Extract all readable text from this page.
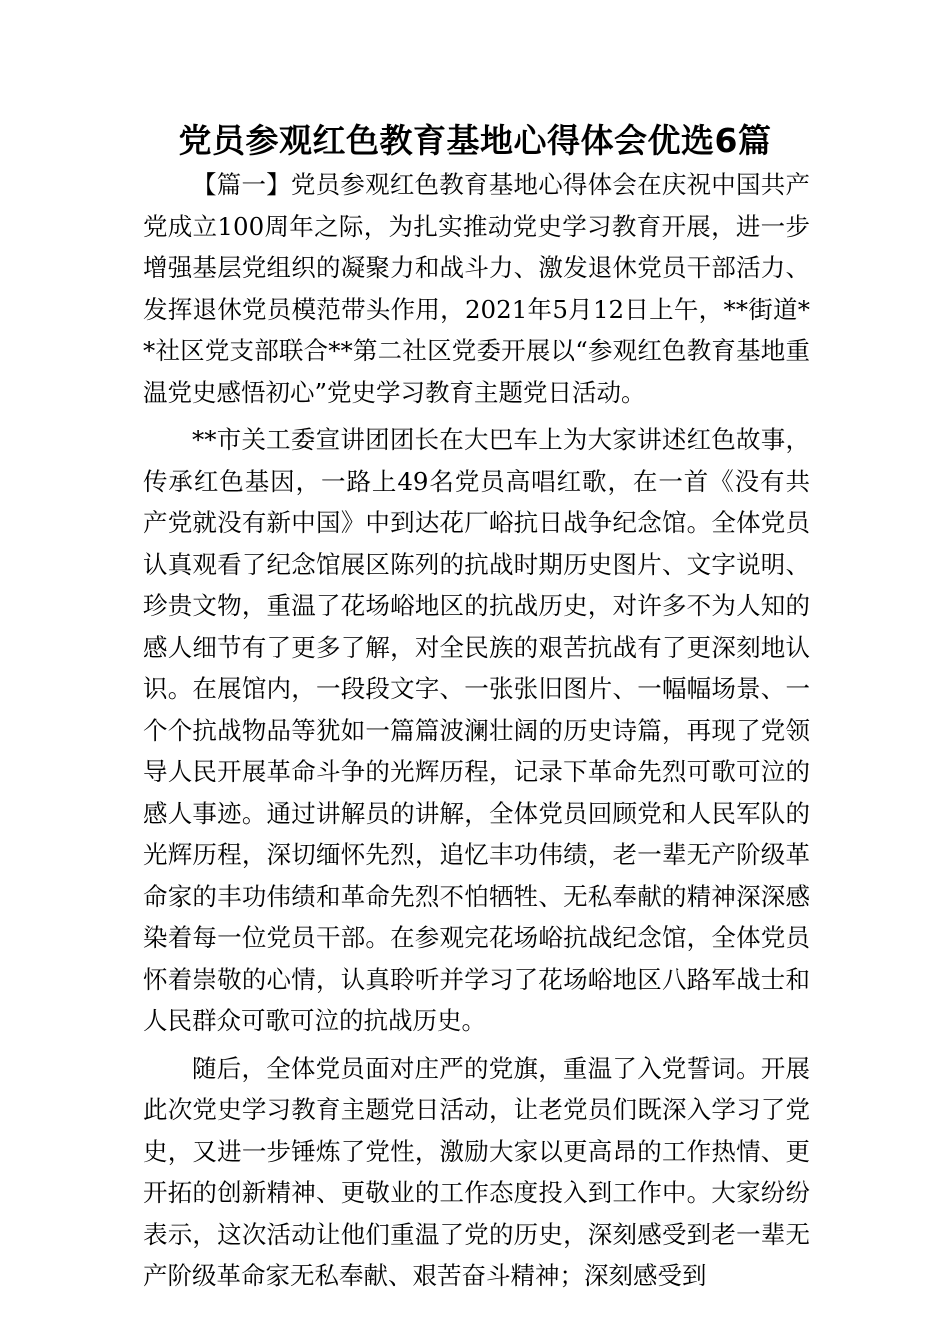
党员参观红色教育基地心得体会优选6篇

【篇一】党员参观红色教育基地心得体会在庆祝中国共产党成立100周年之际，为扎实推动党史学习教育开展，进一步增强基层党组织的凝聚力和战斗力、激发退休党员干部活力、发挥退休党员模范带头作用，2021年5月12日上午，**街道**社区党支部联合**第二社区党委开展以“参观红色教育基地重温党史感悟初心”党史学习教育主题党日活动。

**市关工委宣讲团团长在大巴车上为大家讲述红色故事，传承红色基因，一路上49名党员高唱红歌，在一首《没有共产党就没有新中国》中到达花厂峪抗日战争纪念馆。全体党员认真观看了纪念馆展区陈列的抗战时期历史图片、文字说明、珍贵文物，重温了花场峪地区的抗战历史，对许多不为人知的感人细节有了更多了解，对全民族的艰苦抗战有了更深刻地认识。在展馆内，一段段文字、一张张旧图片、一幅幅场景、一个个抗战物品等犹如一篇篇波澜壮阔的历史诗篇，再现了党领导人民开展革命斗争的光辉历程，记录下革命先烈可歌可泣的感人事迹。通过讲解员的讲解，全体党员回顾党和人民军队的光辉历程，深切缅怀先烈，追忆丰功伟绩，老一辈无产阶级革命家的丰功伟绩和革命先烈不怕牺牲、无私奉献的精神深深感染着每一位党员干部。在参观完花场峪抗战纪念馆，全体党员怀着崇敬的心情，认真聆听并学习了花场峪地区八路军战士和人民群众可歌可泣的抗战历史。

随后，全体党员面对庄严的党旗，重温了入党誓词。开展此次党史学习教育主题党日活动，让老党员们既深入学习了党史，又进一步锤炼了党性，激励大家以更高昂的工作热情、更开拓的创新精神、更敬业的工作态度投入到工作中。大家纷纷表示，这次活动让他们重温了党的历史，深刻感受到老一辈无产阶级革命家无私奉献、艰苦奋斗精神；深刻感受到
